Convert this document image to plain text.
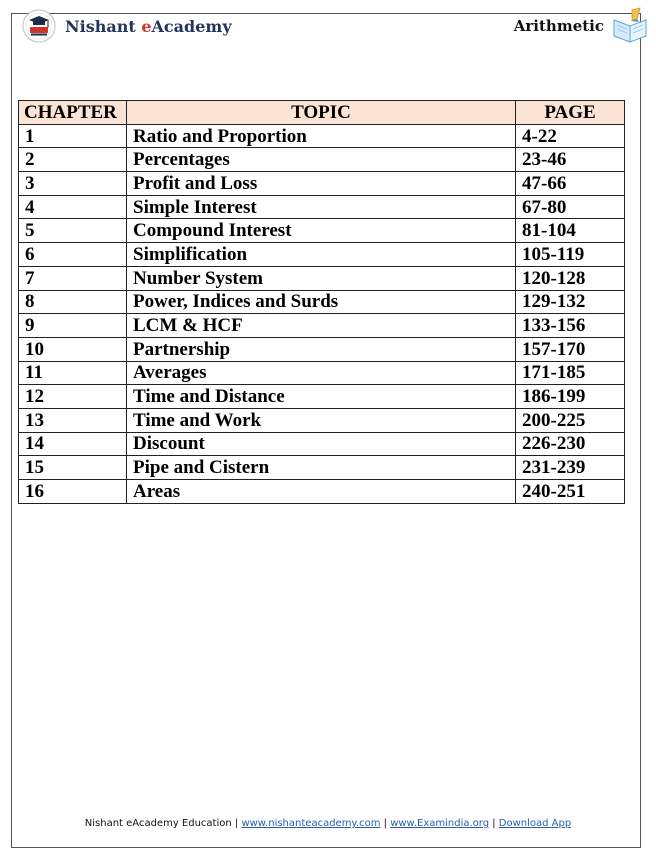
Nishant eAcademy	Arithmetic
CHAPTER	TOPIC	PAGE
1	Ratio and Proportion	4-22
2	Percentages	23-46
3	Profit and Loss	47-66
4	Simple Interest	67-80
5	Compound Interest	81-104
6	Simplification	105-119
7	Number System	120-128
8	Power, Indices and Surds	129-132
9	LCM & HCF	133-156
10	Partnership	157-170
11	Averages	171-185
12	Time and Distance	186-199
13	Time and Work	200-225
14	Discount	226-230
15	Pipe and Cistern	231-239
16	Areas	240-251
Nishant eAcademy Education | www.nishanteacademy.com | www.Examindia.org | Download App
